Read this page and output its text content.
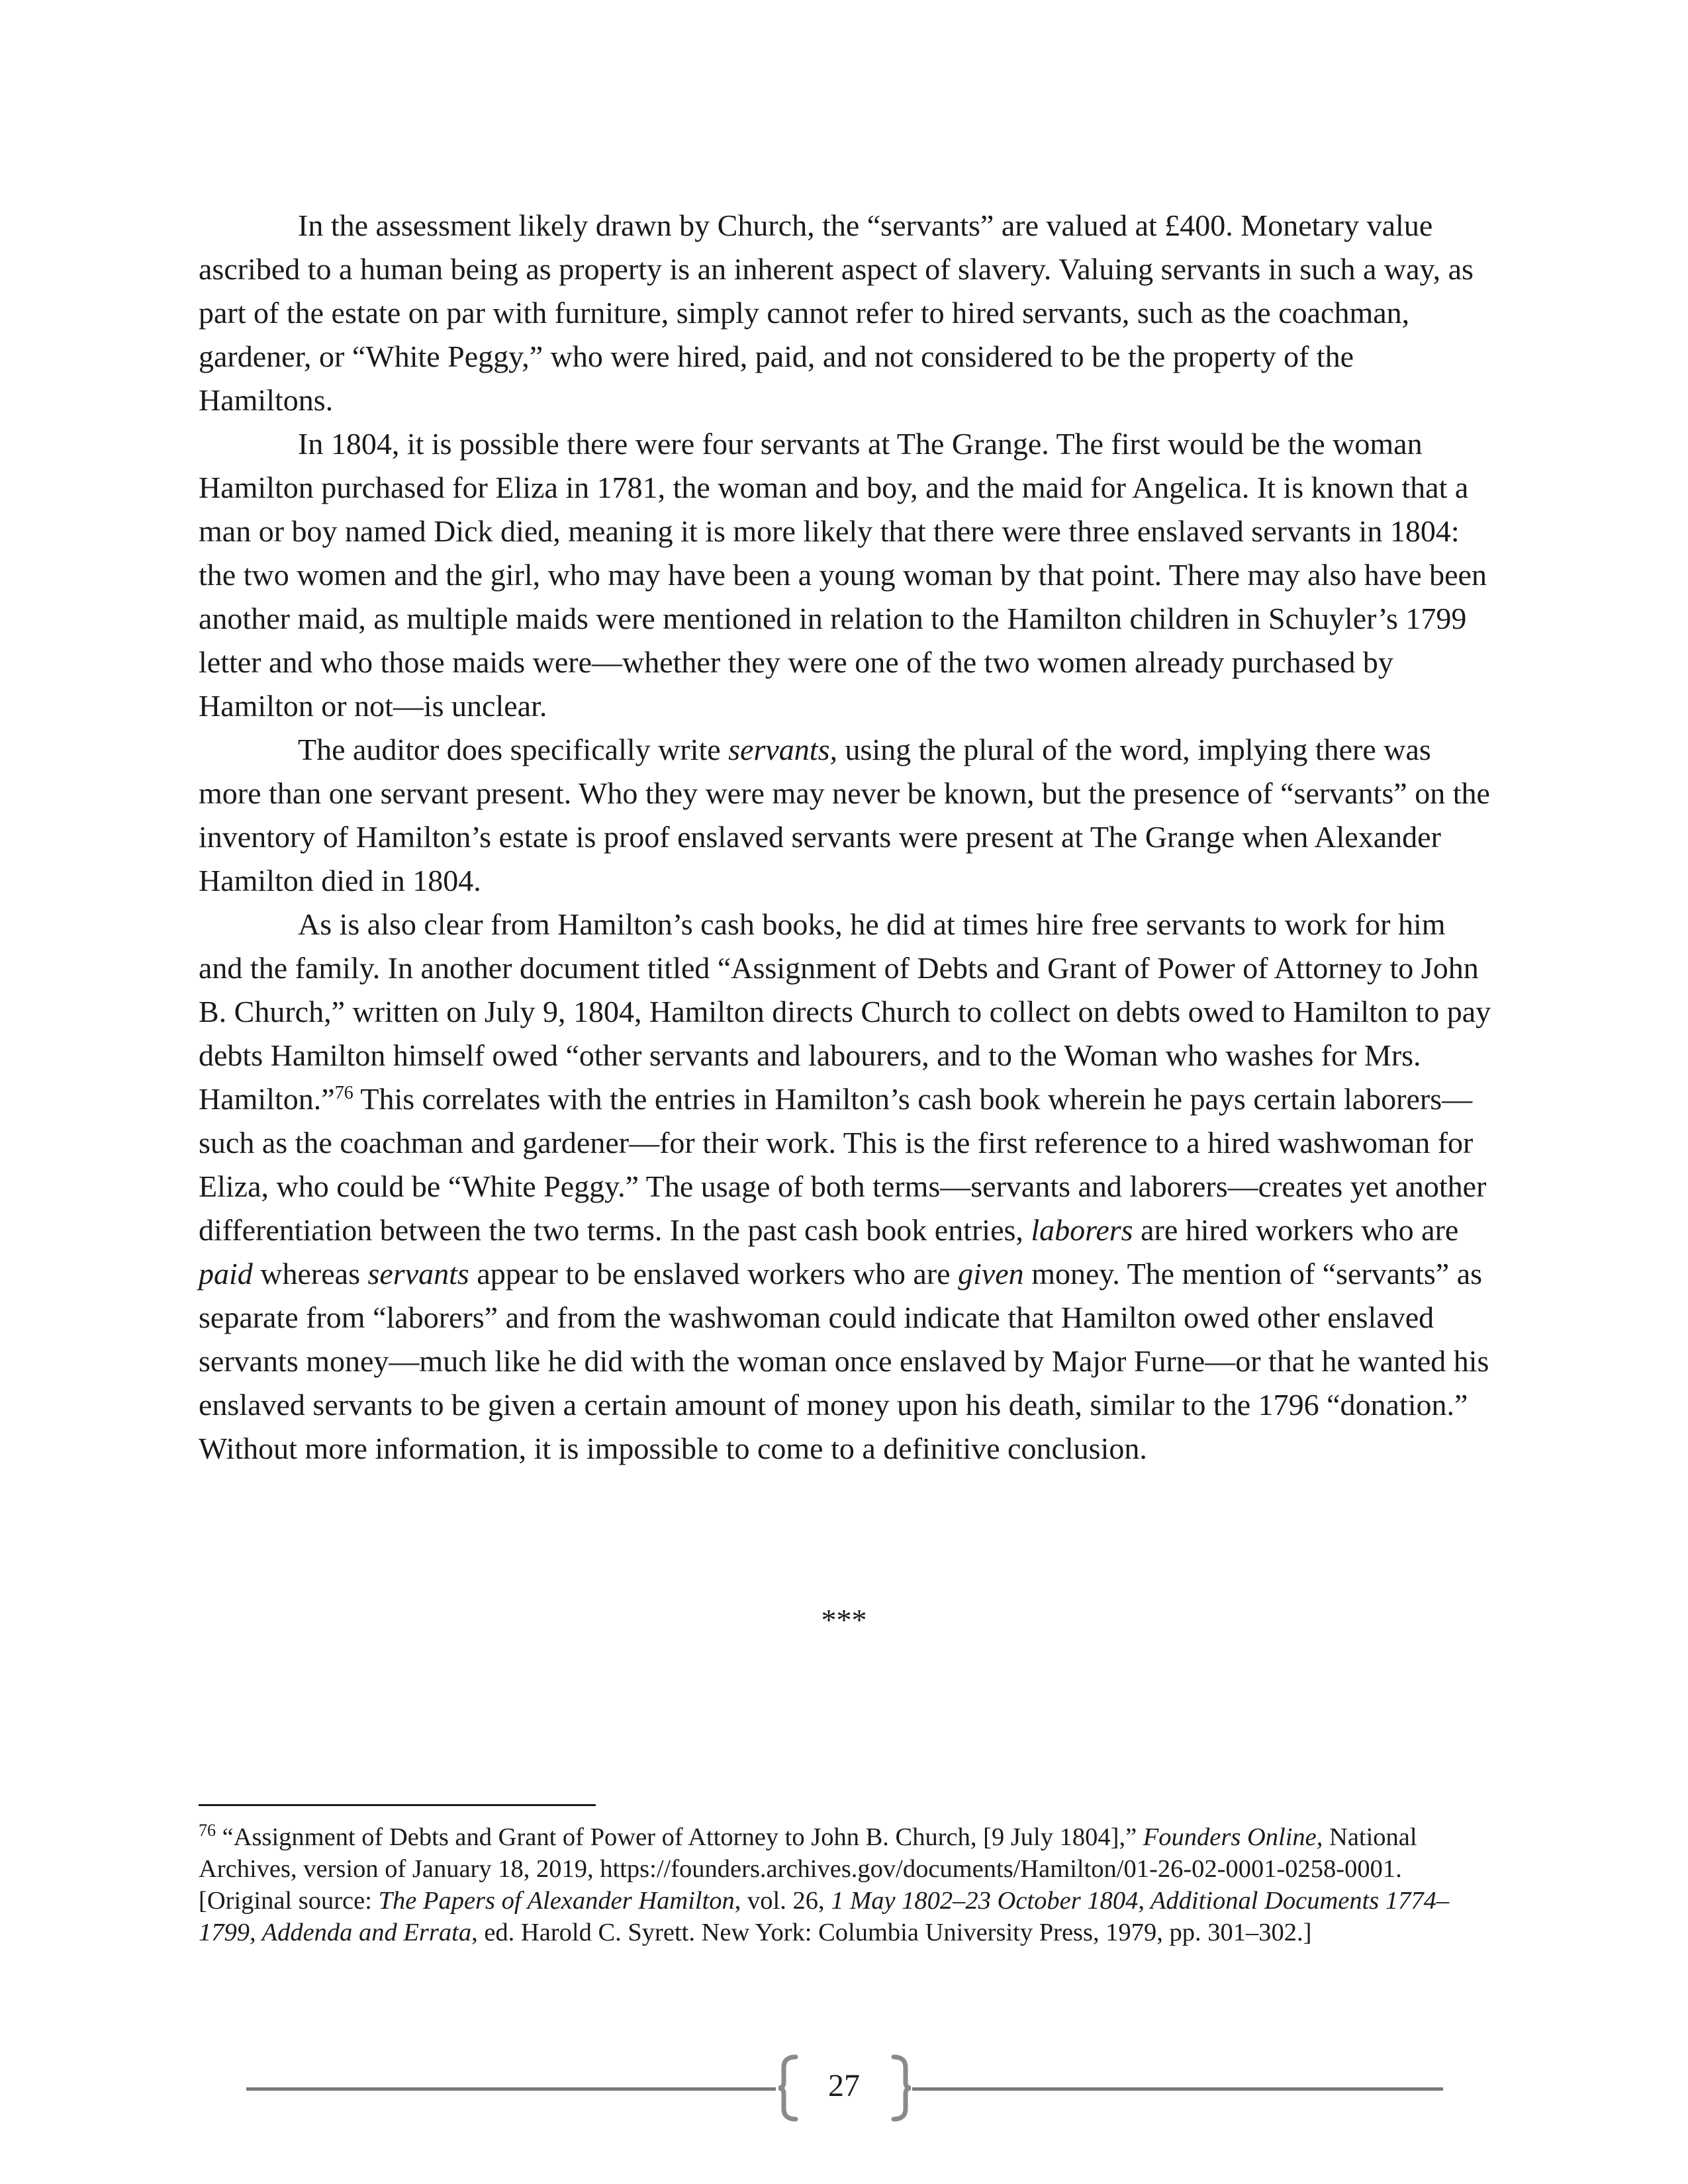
In the assessment likely drawn by Church, the “servants” are valued at £400. Monetary value ascribed to a human being as property is an inherent aspect of slavery. Valuing servants in such a way, as part of the estate on par with furniture, simply cannot refer to hired servants, such as the coachman, gardener, or “White Peggy,” who were hired, paid, and not considered to be the property of the Hamiltons.

In 1804, it is possible there were four servants at The Grange. The first would be the woman Hamilton purchased for Eliza in 1781, the woman and boy, and the maid for Angelica. It is known that a man or boy named Dick died, meaning it is more likely that there were three enslaved servants in 1804: the two women and the girl, who may have been a young woman by that point. There may also have been another maid, as multiple maids were mentioned in relation to the Hamilton children in Schuyler’s 1799 letter and who those maids were—whether they were one of the two women already purchased by Hamilton or not—is unclear.

The auditor does specifically write servants, using the plural of the word, implying there was more than one servant present. Who they were may never be known, but the presence of “servants” on the inventory of Hamilton’s estate is proof enslaved servants were present at The Grange when Alexander Hamilton died in 1804.

As is also clear from Hamilton’s cash books, he did at times hire free servants to work for him and the family. In another document titled “Assignment of Debts and Grant of Power of Attorney to John B. Church,” written on July 9, 1804, Hamilton directs Church to collect on debts owed to Hamilton to pay debts Hamilton himself owed “other servants and labourers, and to the Woman who washes for Mrs. Hamilton.”$^{76}$ This correlates with the entries in Hamilton’s cash book wherein he pays certain laborers—such as the coachman and gardener—for their work. This is the first reference to a hired washwoman for Eliza, who could be “White Peggy.” The usage of both terms—servants and laborers—creates yet another differentiation between the two terms. In the past cash book entries, laborers are hired workers who are paid whereas servants appear to be enslaved workers who are given money. The mention of “servants” as separate from “laborers” and from the washwoman could indicate that Hamilton owed other enslaved servants money—much like he did with the woman once enslaved by Major Furne—or that he wanted his enslaved servants to be given a certain amount of money upon his death, similar to the 1796 “donation.” Without more information, it is impossible to come to a definitive conclusion.

***
$^{76}$ “Assignment of Debts and Grant of Power of Attorney to John B. Church, [9 July 1804],” Founders Online, National Archives, version of January 18, 2019, https://founders.archives.gov/documents/Hamilton/01-26-02-0001-0258-0001. [Original source: The Papers of Alexander Hamilton, vol. 26, 1 May 1802–23 October 1804, Additional Documents 1774–1799, Addenda and Errata, ed. Harold C. Syrett. New York: Columbia University Press, 1979, pp. 301–302.]
27
